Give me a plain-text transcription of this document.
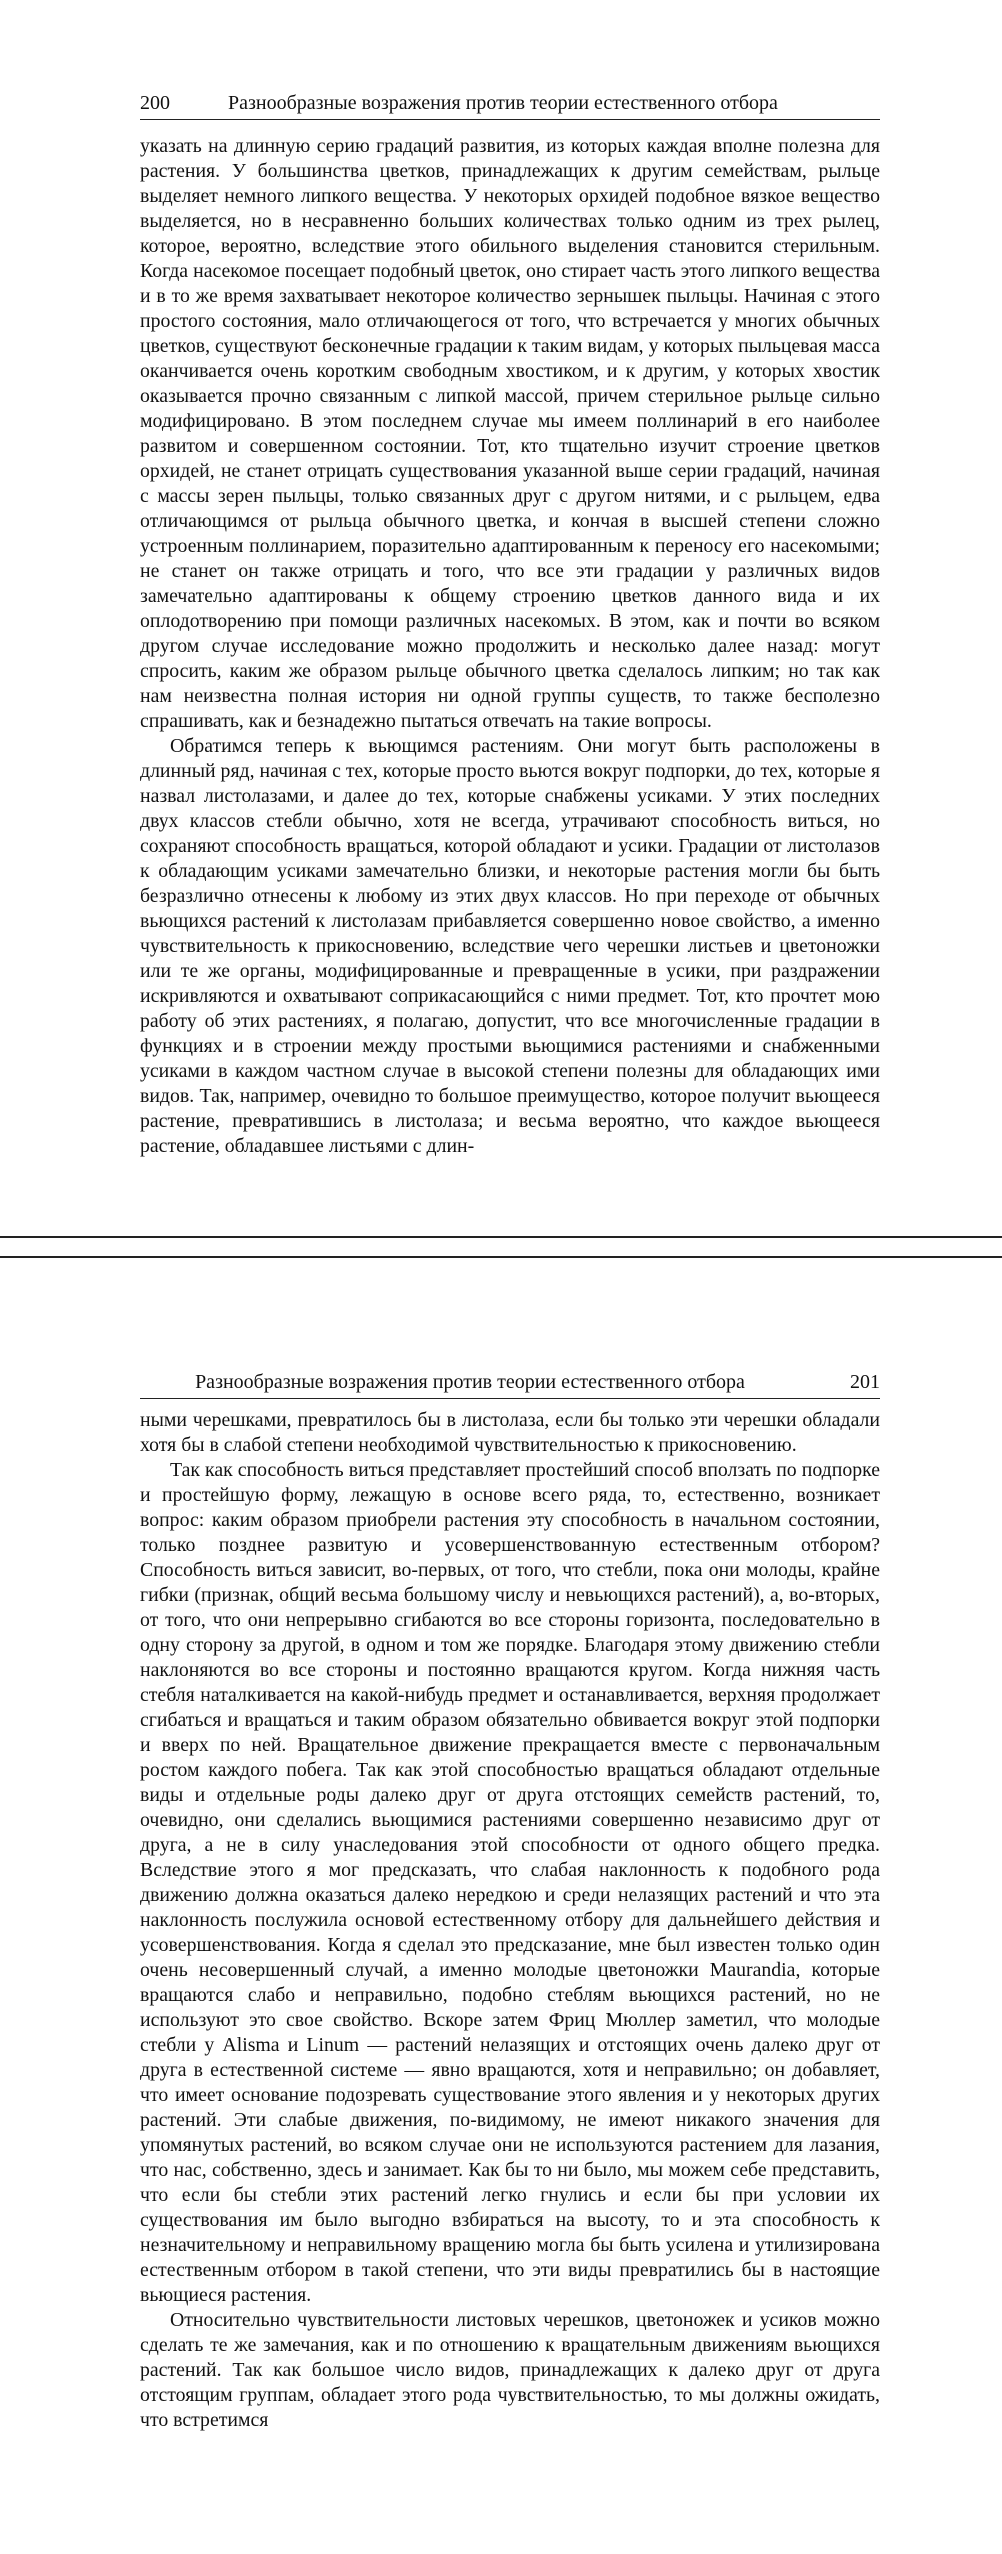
200	Разнообразные возражения против теории естественного отбора

указать на длинную серию градаций развития, из которых каждая вполне полезна для растения. У большинства цветков, принадлежащих к другим семействам, рыльце выделяет немного липкого вещества. У некоторых орхидей подобное вязкое вещество выделяется, но в несравненно больших количествах только одним из трех рылец, которое, вероятно, вследствие этого обильного выделения становится стерильным. Когда насекомое посещает подобный цветок, оно стирает часть этого липкого вещества и в то же время захватывает некоторое количество зернышек пыльцы. Начиная с этого простого состояния, мало отличающегося от того, что встречается у многих обычных цветков, существуют бесконечные градации к таким видам, у которых пыльцевая масса оканчивается очень коротким свободным хвостиком, и к другим, у которых хвостик оказывается прочно связанным с липкой массой, причем стерильное рыльце сильно модифицировано. В этом последнем случае мы имеем поллинарий в его наиболее развитом и совершенном состоянии. Тот, кто тщательно изучит строение цветков орхидей, не станет отрицать существования указанной выше серии градаций, начиная с массы зерен пыльцы, только связанных друг с другом нитями, и с рыльцем, едва отличающимся от рыльца обычного цветка, и кончая в высшей степени сложно устроенным поллинарием, поразительно адаптированным к переносу его насекомыми; не станет он также отрицать и того, что все эти градации у различных видов замечательно адаптированы к общему строению цветков данного вида и их оплодотворению при помощи различных насекомых. В этом, как и почти во всяком другом случае исследование можно продолжить и несколько далее назад: могут спросить, каким же образом рыльце обычного цветка сделалось липким; но так как нам неизвестна полная история ни одной группы существ, то также бесполезно спрашивать, как и безнадежно пытаться отвечать на такие вопросы.

Обратимся теперь к вьющимся растениям. Они могут быть расположены в длинный ряд, начиная с тех, которые просто вьются вокруг подпорки, до тех, которые я назвал листолазами, и далее до тех, которые снабжены усиками. У этих последних двух классов стебли обычно, хотя не всегда, утрачивают способность виться, но сохраняют способность вращаться, которой обладают и усики. Градации от листолазов к обладающим усиками замечательно близки, и некоторые растения могли бы быть безразлично отнесены к любому из этих двух классов. Но при переходе от обычных вьющихся растений к листолазам прибавляется совершенно новое свойство, а именно чувствительность к прикосновению, вследствие чего черешки листьев и цветоножки или те же органы, модифицированные и превращенные в усики, при раздражении искривляются и охватывают соприкасающийся с ними предмет. Тот, кто прочтет мою работу об этих растениях, я полагаю, допустит, что все многочисленные градации в функциях и в строении между простыми вьющимися растениями и снабженными усиками в каждом частном случае в высокой степени полезны для обладающих ими видов. Так, например, очевидно то большое преимущество, которое получит вьющееся растение, превратившись в листолаза; и весьма вероятно, что каждое вьющееся растение, обладавшее листьями с длин-

Разнообразные возражения против теории естественного отбора	201

ными черешками, превратилось бы в листолаза, если бы только эти черешки обладали хотя бы в слабой степени необходимой чувствительностью к прикосновению.

Так как способность виться представляет простейший способ вползать по подпорке и простейшую форму, лежащую в основе всего ряда, то, естественно, возникает вопрос: каким образом приобрели растения эту способность в начальном состоянии, только позднее развитую и усовершенствованную естественным отбором? Способность виться зависит, во-первых, от того, что стебли, пока они молоды, крайне гибки (признак, общий весьма большому числу и невьющихся растений), а, во-вторых, от того, что они непрерывно сгибаются во все стороны горизонта, последовательно в одну сторону за другой, в одном и том же порядке. Благодаря этому движению стебли наклоняются во все стороны и постоянно вращаются кругом. Когда нижняя часть стебля наталкивается на какой-нибудь предмет и останавливается, верхняя продолжает сгибаться и вращаться и таким образом обязательно обвивается вокруг этой подпорки и вверх по ней. Вращательное движение прекращается вместе с первоначальным ростом каждого побега. Так как этой способностью вращаться обладают отдельные виды и отдельные роды далеко друг от друга отстоящих семейств растений, то, очевидно, они сделались вьющимися растениями совершенно независимо друг от друга, а не в силу унаследования этой способности от одного общего предка. Вследствие этого я мог предсказать, что слабая наклонность к подобного рода движению должна оказаться далеко нередкою и среди нелазящих растений и что эта наклонность послужила основой естественному отбору для дальнейшего действия и усовершенствования. Когда я сделал это предсказание, мне был известен только один очень несовершенный случай, а именно молодые цветоножки Maurandia, которые вращаются слабо и неправильно, подобно стеблям вьющихся растений, но не используют это свое свойство. Вскоре затем Фриц Мюллер заметил, что молодые стебли у Alisma и Linum — растений нелазящих и отстоящих очень далеко друг от друга в естественной системе — явно вращаются, хотя и неправильно; он добавляет, что имеет основание подозревать существование этого явления и у некоторых других растений. Эти слабые движения, по-видимому, не имеют никакого значения для упомянутых растений, во всяком случае они не используются растением для лазания, что нас, собственно, здесь и занимает. Как бы то ни было, мы можем себе представить, что если бы стебли этих растений легко гнулись и если бы при условии их существования им было выгодно взбираться на высоту, то и эта способность к незначительному и неправильному вращению могла бы быть усилена и утилизирована естественным отбором в такой степени, что эти виды превратились бы в настоящие вьющиеся растения.

Относительно чувствительности листовых черешков, цветоножек и усиков можно сделать те же замечания, как и по отношению к вращательным движениям вьющихся растений. Так как большое число видов, принадлежащих к далеко друг от друга отстоящим группам, обладает этого рода чувствительностью, то мы должны ожидать, что встретимся
